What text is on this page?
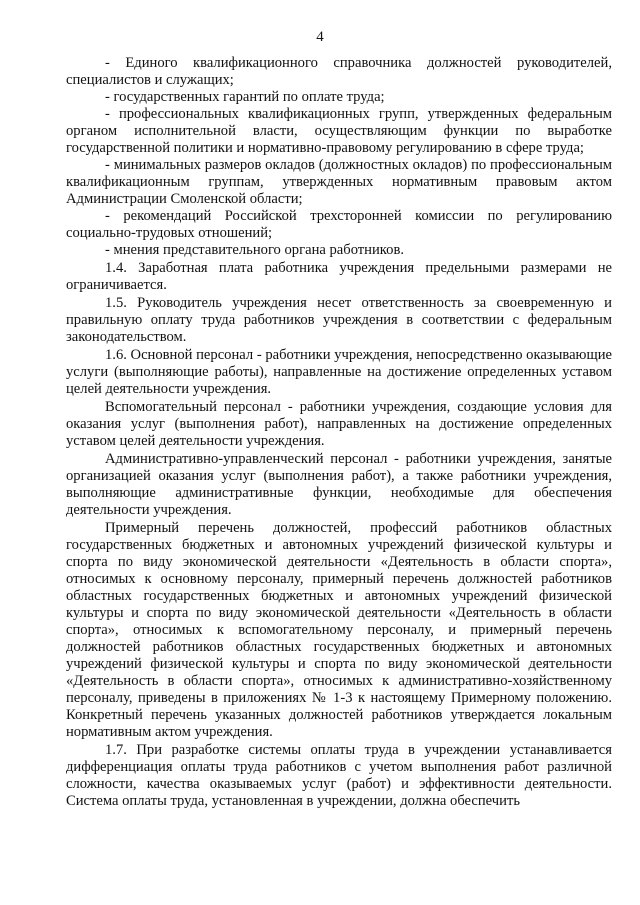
4

- Единого квалификационного справочника должностей руководителей, специалистов и служащих;

- государственных гарантий по оплате труда;

- профессиональных квалификационных групп, утвержденных федеральным органом исполнительной власти, осуществляющим функции по выработке государственной политики и нормативно-правовому регулированию в сфере труда;

- минимальных размеров окладов (должностных окладов) по профессиональным квалификационным группам, утвержденных нормативным правовым актом Администрации Смоленской области;

- рекомендаций Российской трехсторонней комиссии по регулированию социально-трудовых отношений;

- мнения представительного органа работников.

1.4. Заработная плата работника учреждения предельными размерами не ограничивается.

1.5. Руководитель учреждения несет ответственность за своевременную и правильную оплату труда работников учреждения в соответствии с федеральным законодательством.

1.6. Основной персонал - работники учреждения, непосредственно оказывающие услуги (выполняющие работы), направленные на достижение определенных уставом целей деятельности учреждения.

Вспомогательный персонал - работники учреждения, создающие условия для оказания услуг (выполнения работ), направленных на достижение определенных уставом целей деятельности учреждения.

Административно-управленческий персонал - работники учреждения, занятые организацией оказания услуг (выполнения работ), а также работники учреждения, выполняющие административные функции, необходимые для обеспечения деятельности учреждения.

Примерный перечень должностей, профессий работников областных государственных бюджетных и автономных учреждений физической культуры и спорта по виду экономической деятельности «Деятельность в области спорта», относимых к основному персоналу, примерный перечень должностей работников областных государственных бюджетных и автономных учреждений физической культуры и спорта по виду экономической деятельности «Деятельность в области спорта», относимых к вспомогательному персоналу, и примерный перечень должностей работников областных государственных бюджетных и автономных учреждений физической культуры и спорта по виду экономической деятельности «Деятельность в области спорта», относимых к административно-хозяйственному персоналу, приведены в приложениях № 1-3 к настоящему Примерному положению. Конкретный перечень указанных должностей работников утверждается локальным нормативным актом учреждения.

1.7. При разработке системы оплаты труда в учреждении устанавливается дифференциация оплаты труда работников с учетом выполнения работ различной сложности, качества оказываемых услуг (работ) и эффективности деятельности. Система оплаты труда, установленная в учреждении, должна обеспечить
